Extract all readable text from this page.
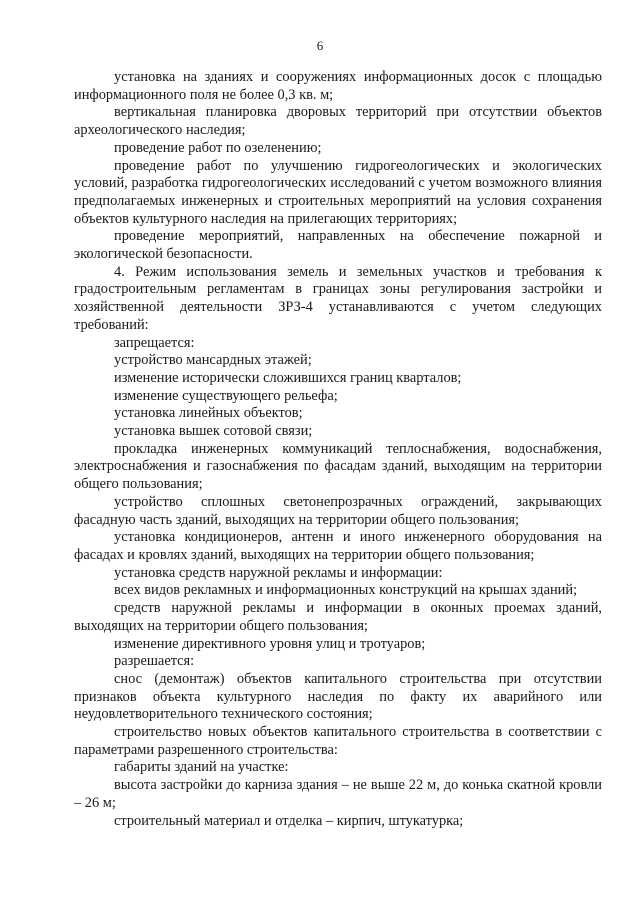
6

установка на зданиях и сооружениях информационных досок с площадью информационного поля не более 0,3 кв. м;

вертикальная планировка дворовых территорий при отсутствии объектов археологического наследия;

проведение работ по озеленению;

проведение работ по улучшению гидрогеологических и экологических условий, разработка гидрогеологических исследований с учетом возможного влияния предполагаемых инженерных и строительных мероприятий на условия сохранения объектов культурного наследия на прилегающих территориях;

проведение мероприятий, направленных на обеспечение пожарной и экологической безопасности.

4. Режим использования земель и земельных участков и требования к градостроительным регламентам в границах зоны регулирования застройки и хозяйственной деятельности ЗРЗ-4 устанавливаются с учетом следующих требований:

запрещается:

устройство мансардных этажей;

изменение исторически сложившихся границ кварталов;

изменение существующего рельефа;

установка линейных объектов;

установка вышек сотовой связи;

прокладка инженерных коммуникаций теплоснабжения, водоснабжения, электроснабжения и газоснабжения по фасадам зданий, выходящим на территории общего пользования;

устройство сплошных светонепрозрачных ограждений, закрывающих фасадную часть зданий, выходящих на территории общего пользования;

установка кондиционеров, антенн и иного инженерного оборудования на фасадах и кровлях зданий, выходящих на территории общего пользования;

установка средств наружной рекламы и информации:

всех видов рекламных и информационных конструкций на крышах зданий;

средств наружной рекламы и информации в оконных проемах зданий, выходящих на территории общего пользования;

изменение директивного уровня улиц и тротуаров;

разрешается:

снос (демонтаж) объектов капитального строительства при отсутствии признаков объекта культурного наследия по факту их аварийного или неудовлетворительного технического состояния;

строительство новых объектов капитального строительства в соответствии с параметрами разрешенного строительства:

габариты зданий на участке:

высота застройки до карниза здания – не выше 22 м, до конька скатной кровли – 26 м;

строительный материал и отделка – кирпич, штукатурка;
